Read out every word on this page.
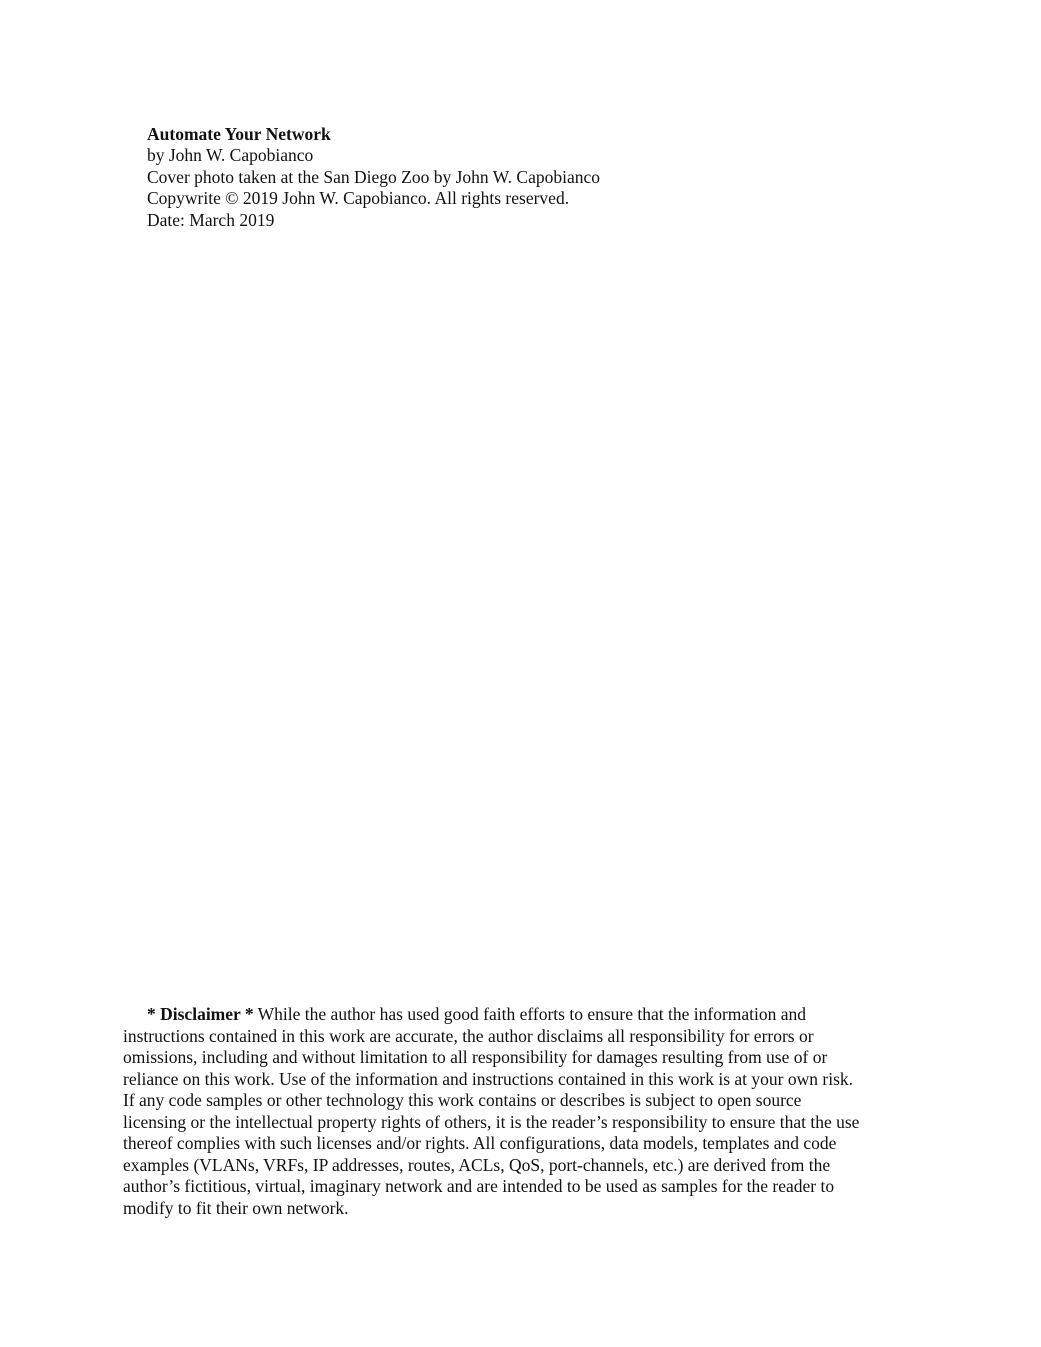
Automate Your Network
by John W. Capobianco
Cover photo taken at the San Diego Zoo by John W. Capobianco
Copywrite © 2019 John W. Capobianco. All rights reserved.
Date: March 2019
* Disclaimer * While the author has used good faith efforts to ensure that the information and
instructions contained in this work are accurate, the author disclaims all responsibility for errors or
omissions, including and without limitation to all responsibility for damages resulting from use of or
reliance on this work. Use of the information and instructions contained in this work is at your own risk.
If any code samples or other technology this work contains or describes is subject to open source
licensing or the intellectual property rights of others, it is the reader’s responsibility to ensure that the use
thereof complies with such licenses and/or rights. All configurations, data models, templates and code
examples (VLANs, VRFs, IP addresses, routes, ACLs, QoS, port-channels, etc.) are derived from the
author’s fictitious, virtual, imaginary network and are intended to be used as samples for the reader to
modify to fit their own network.
